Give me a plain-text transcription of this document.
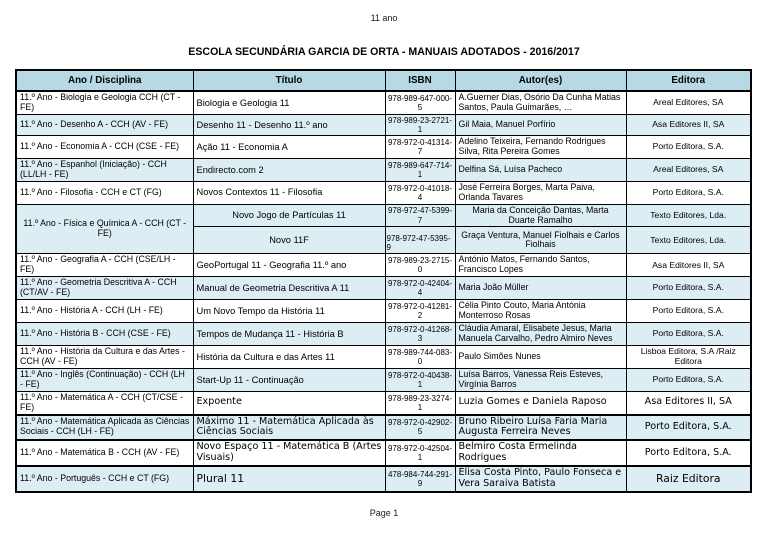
11 ano
ESCOLA SECUNDÁRIA GARCIA DE ORTA - MANUAIS ADOTADOS - 2016/2017
Ano / Disciplina	Título	ISBN	Autor(es)	Editora
11.º Ano - Biologia e Geologia CCH (CT - FE)	Biologia e Geologia 11	978-989-647-000-5	A.Guerner Dias, Osório Da Cunha Matias Santos, Paula Guimarães, …	Areal Editores, SA
11.º Ano - Desenho A - CCH (AV - FE)	Desenho 11 - Desenho 11.º ano	978-989-23-2721-1	Gil Maia, Manuel Porfírio	Asa Editores II, SA
11.º Ano - Economia A - CCH (CSE - FE)	Ação 11 - Economia A	978-972-0-41314-7	Adelino Teixeira, Fernando Rodrigues Silva, Rita Pereira Gomes	Porto Editora, S.A.
11.º Ano - Espanhol (Iniciação) - CCH (LL/LH - FE)	Endirecto.com 2	978-989-647-714-1	Delfina Sá, Luísa Pacheco	Areal Editores, SA
11.º Ano - Filosofia - CCH e CT (FG)	Novos Contextos 11 - Filosofia	978-972-0-41018-4	José Ferreira Borges, Marta Paiva, Orlanda Tavares	Porto Editora, S.A.
11.º Ano - Física e Química A - CCH (CT - FE)	Novo Jogo de Partículas 11	978-972-47-5399-7	Maria da Conceição Dantas, Marta Duarte Ramalho	Texto Editores, Lda.
	Novo 11F	978-972-47-5395-9	Graça Ventura, Manuel Fiolhais e Carlos Fiolhais	Texto Editores, Lda.
11.º Ano - Geografia A - CCH (CSE/LH - FE)	GeoPortugal 11 - Geografia 11.º ano	978-989-23-2715-0	António Matos, Fernando Santos, Francisco Lopes	Asa Editores II, SA
11.º Ano - Geometria Descritiva A - CCH (CT/AV - FE)	Manual de Geometria Descritiva A 11	978-972-0-42404-4	Maria João Müller	Porto Editora, S.A.
11.º Ano - História A - CCH (LH - FE)	Um Novo Tempo da História 11	978-972-0-41281-2	Célia Pinto Couto, Maria Antónia Monterroso Rosas	Porto Editora, S.A.
11.º Ano - História B - CCH (CSE - FE)	Tempos de Mudança 11 - História B	978-972-0-41268-3	Cláudia Amaral, Elisabete Jesus, Maria Manuela Carvalho, Pedro Almiro Neves	Porto Editora, S.A.
11.º Ano - História da Cultura e das Artes - CCH (AV - FE)	História da Cultura e das Artes 11	978-989-744-083-0	Paulo Simões Nunes	Lisboa Editora, S.A /Raiz Editora
11.º Ano - Inglês (Continuação) - CCH (LH - FE)	Start-Up 11 - Continuação	978-972-0-40438-1	Luísa Barros, Vanessa Reis Esteves, Virgínia Barros	Porto Editora, S.A.
11.º Ano - Matemática A - CCH (CT/CSE - FE)	Expoente	978-989-23-3274-1	Luzia Gomes e Daniela Raposo	Asa Editores II, SA
11.º Ano - Matemática Aplicada às Ciências Sociais - CCH (LH - FE)	Máximo 11 - Matemática Aplicada às Ciências Sociais	978-972-0-42902-5	Bruno Ribeiro Luísa Faria Maria Augusta Ferreira Neves	Porto Editora, S.A.
11.º Ano - Matemática B - CCH (AV - FE)	Novo Espaço 11 - Matemática B (Artes Visuais)	978-972-0-42504-1	Belmiro Costa Ermelinda Rodrigues	Porto Editora, S.A.
11.º Ano - Português - CCH e CT (FG)	Plural 11	478-984-744-291-9	Elisa Costa Pinto, Paulo Fonseca e Vera Saraiva Batista	Raiz Editora
Page 1
